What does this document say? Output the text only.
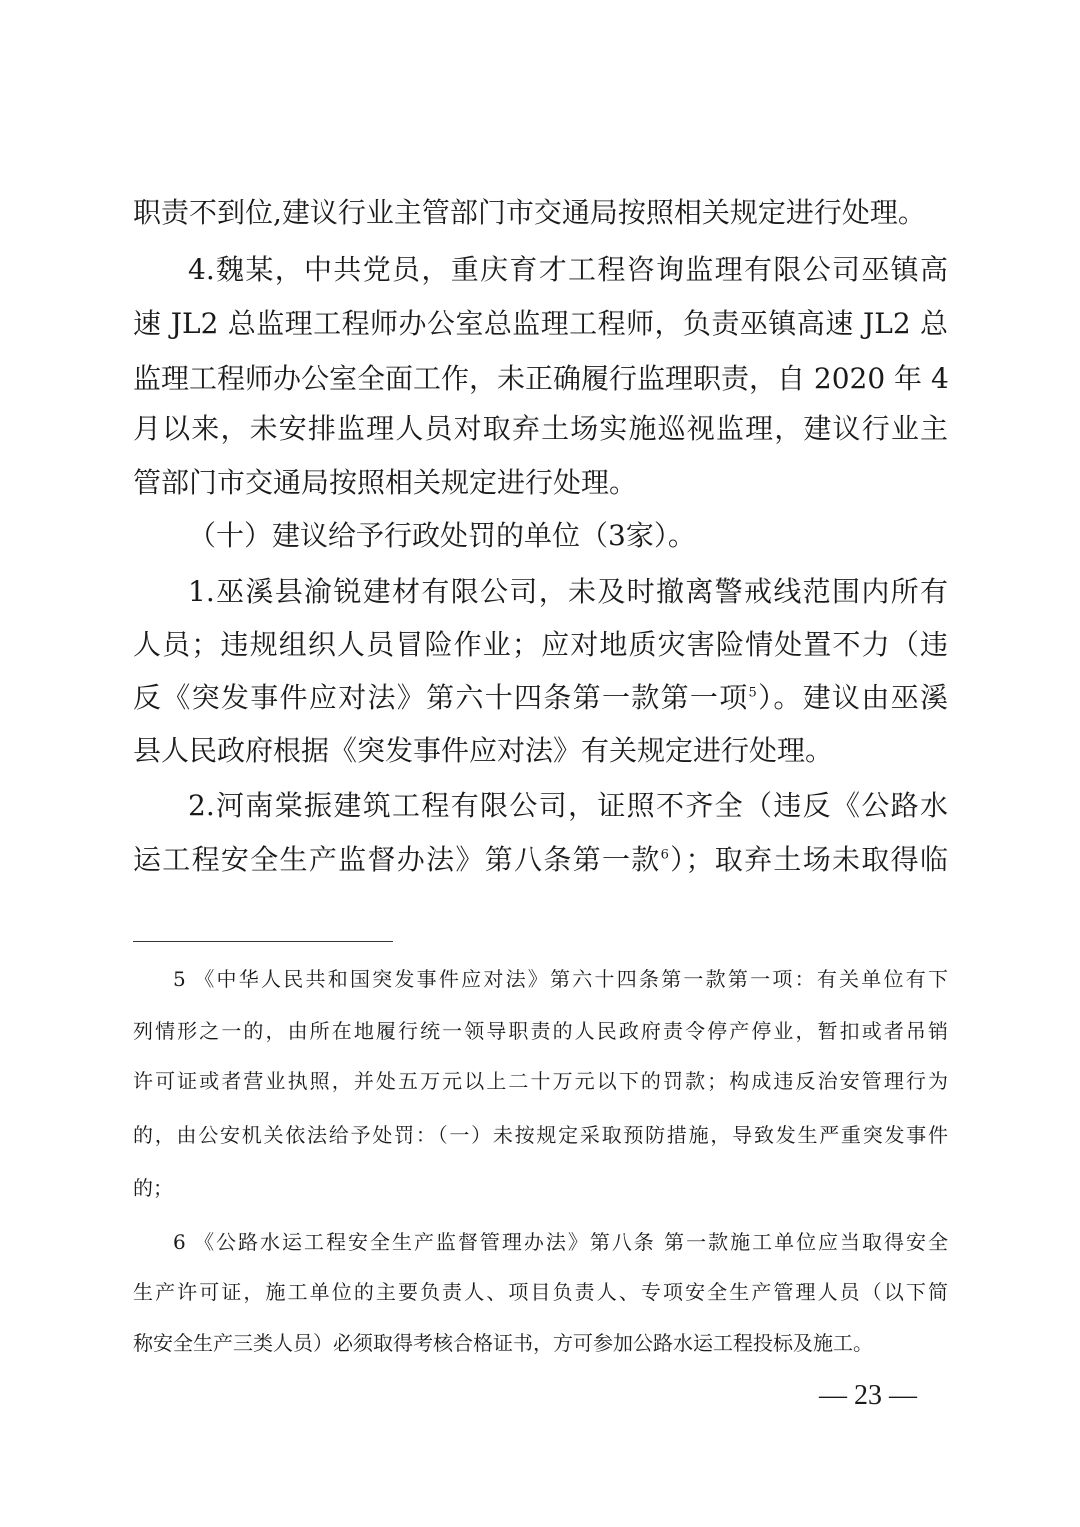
职责不到位,建议行业主管部门市交通局按照相关规定进行处理。
4.魏某，中共党员，重庆育才工程咨询监理有限公司巫镇高
速 JL2 总监理工程师办公室总监理工程师，负责巫镇高速 JL2 总
监理工程师办公室全面工作，未正确履行监理职责，自 2020 年 4
月以来，未安排监理人员对取弃土场实施巡视监理，建议行业主
管部门市交通局按照相关规定进行处理。
（十）建议给予行政处罚的单位（3家）。
1.巫溪县渝锐建材有限公司，未及时撤离警戒线范围内所有
人员；违规组织人员冒险作业；应对地质灾害险情处置不力（违
反《突发事件应对法》第六十四条第一款第一项$^5$）。建议由巫溪
县人民政府根据《突发事件应对法》有关规定进行处理。
2.河南棠振建筑工程有限公司，证照不齐全（违反《公路水
运工程安全生产监督办法》第八条第一款$^6$）；取弃土场未取得临
5 《中华人民共和国突发事件应对法》第六十四条第一款第一项：有关单位有下
列情形之一的，由所在地履行统一领导职责的人民政府责令停产停业，暂扣或者吊销
许可证或者营业执照，并处五万元以上二十万元以下的罚款；构成违反治安管理行为
的，由公安机关依法给予处罚：（一）未按规定采取预防措施，导致发生严重突发事件
的；
6 《公路水运工程安全生产监督管理办法》第八条 第一款施工单位应当取得安全
生产许可证，施工单位的主要负责人、项目负责人、专项安全生产管理人员（以下简
称安全生产三类人员）必须取得考核合格证书，方可参加公路水运工程投标及施工。
— 23 —
